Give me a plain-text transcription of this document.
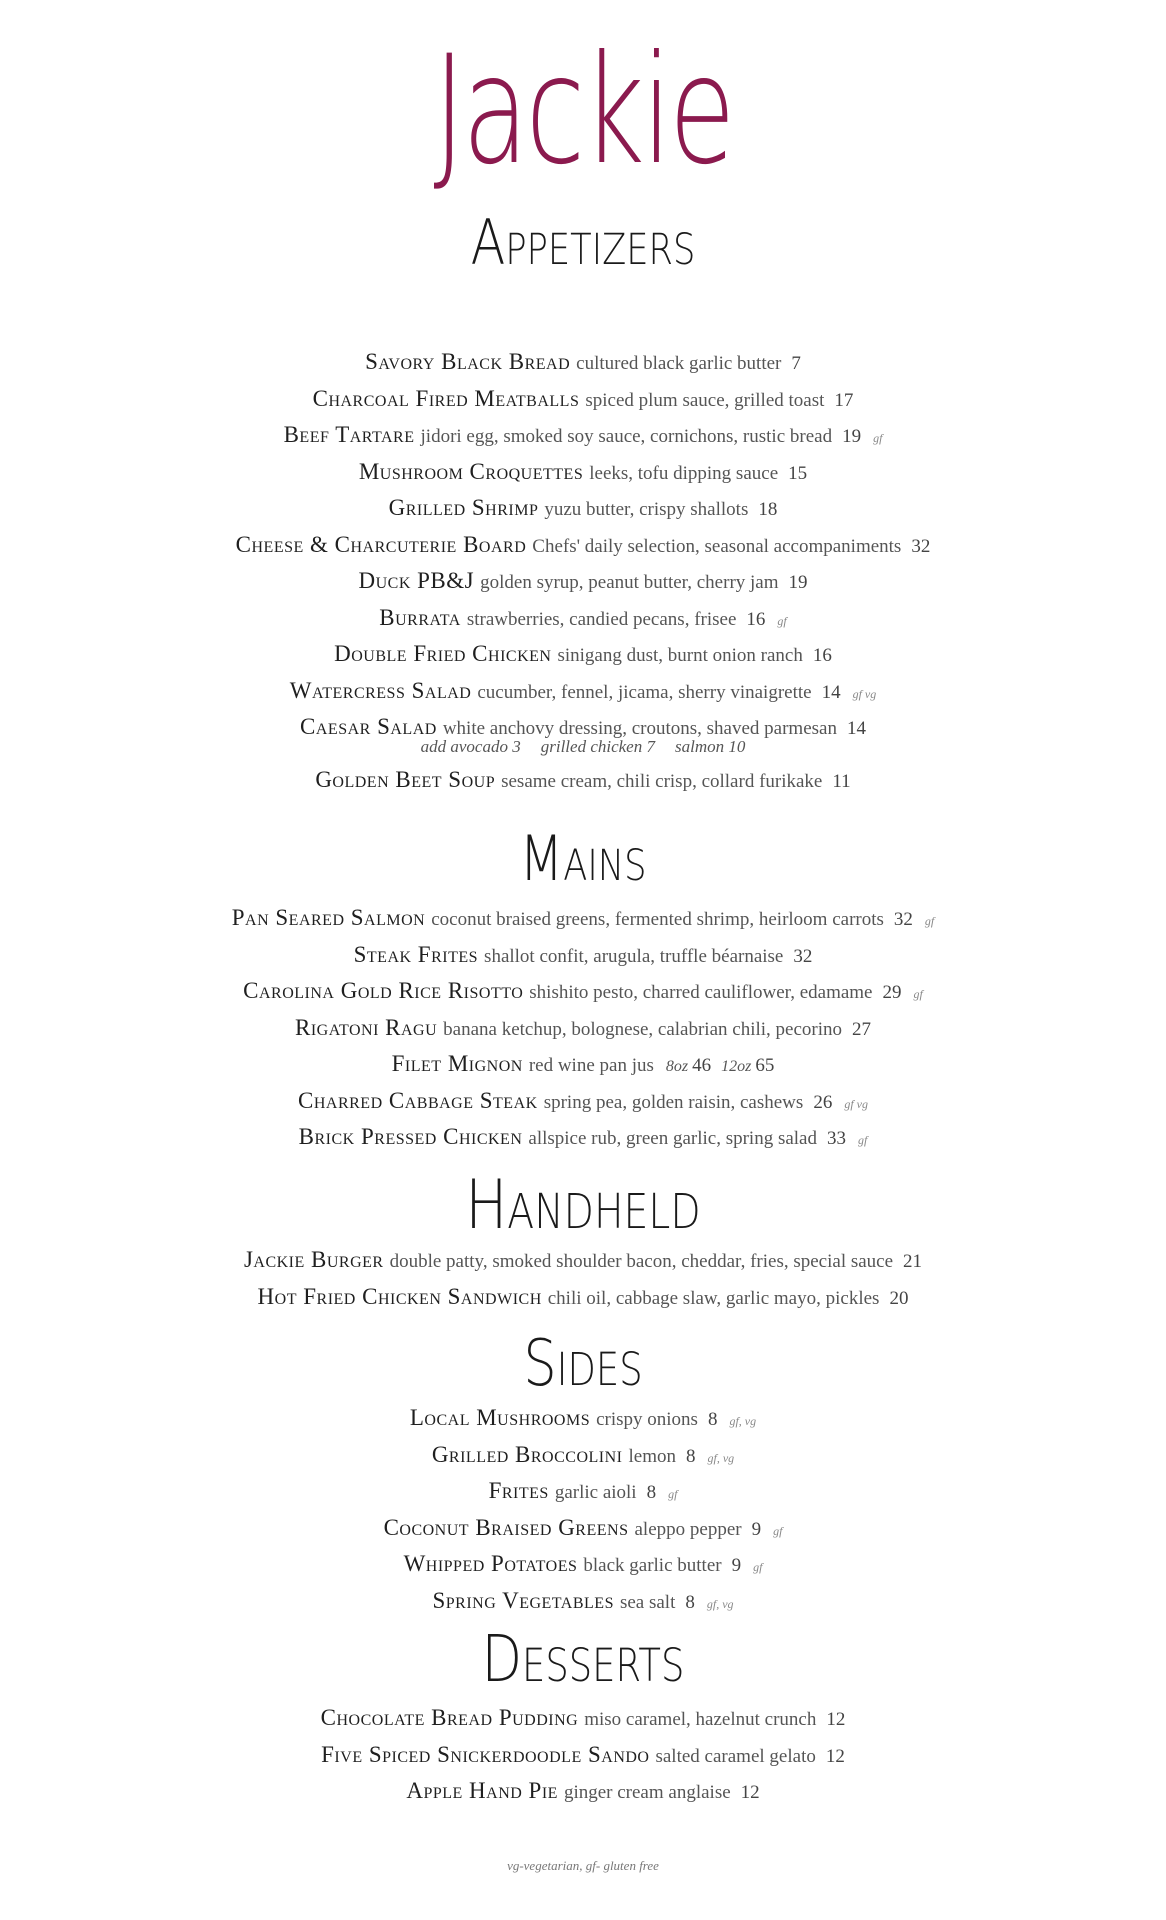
Jackie
Appetizers
Savory Black Bread cultured black garlic butter 7
Charcoal Fired Meatballs spiced plum sauce, grilled toast 17
Beef Tartare jidori egg, smoked soy sauce, cornichons, rustic bread 19 gf
Mushroom Croquettes leeks, tofu dipping sauce 15
Grilled Shrimp yuzu butter, crispy shallots 18
Cheese & Charcuterie Board Chefs' daily selection, seasonal accompaniments 32
Duck PB&J golden syrup, peanut butter, cherry jam 19
Burrata strawberries, candied pecans, frisee 16 gf
Double Fried Chicken sinigang dust, burnt onion ranch 16
Watercress Salad cucumber, fennel, jicama, sherry vinaigrette 14 gf vg
Caesar Salad white anchovy dressing, croutons, shaved parmesan 14
add avocado 3 grilled chicken 7 salmon 10
Golden Beet Soup sesame cream, chili crisp, collard furikake 11
Mains
Pan Seared Salmon coconut braised greens, fermented shrimp, heirloom carrots 32 gf
Steak Frites shallot confit, arugula, truffle béarnaise 32
Carolina Gold Rice Risotto shishito pesto, charred cauliflower, edamame 29 gf
Rigatoni Ragu banana ketchup, bolognese, calabrian chili, pecorino 27
Filet Mignon red wine pan jus 8oz 46 12oz 65
Charred Cabbage Steak spring pea, golden raisin, cashews 26 gf vg
Brick Pressed Chicken allspice rub, green garlic, spring salad 33 gf
Handheld
Jackie Burger double patty, smoked shoulder bacon, cheddar, fries, special sauce 21
Hot Fried Chicken Sandwich chili oil, cabbage slaw, garlic mayo, pickles 20
Sides
Local Mushrooms crispy onions 8 gf, vg
Grilled Broccolini lemon 8 gf, vg
Frites garlic aioli 8 gf
Coconut Braised Greens aleppo pepper 9 gf
Whipped Potatoes black garlic butter 9 gf
Spring Vegetables sea salt 8 gf, vg
Desserts
Chocolate Bread Pudding miso caramel, hazelnut crunch 12
Five Spiced Snickerdoodle Sando salted caramel gelato 12
Apple Hand Pie ginger cream anglaise 12
vg-vegetarian, gf- gluten free
